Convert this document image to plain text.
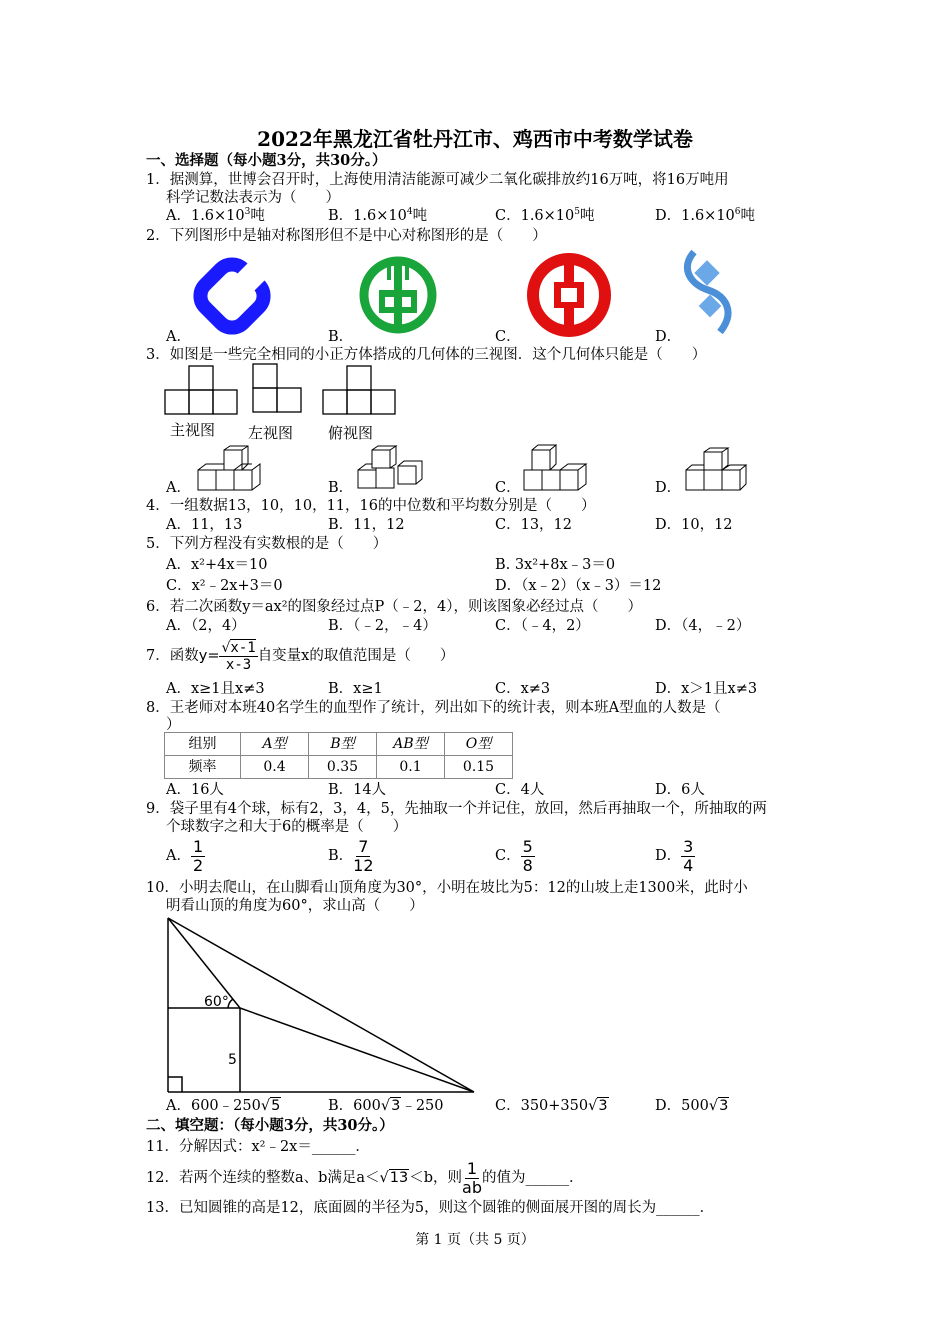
2022年黑龙江省牡丹江市、鸡西市中考数学试卷
一、选择题（每小题3分，共30分。）
1．据测算，世博会召开时，上海使用清洁能源可减少二氧化碳排放约16万吨，将16万吨用
科学记数法表示为（　　）
A．$1.6\times 10^3$吨	B．$1.6\times 10^4$吨	C．$1.6\times 10^5$吨	D．$1.6\times 10^6$吨
2．下列图形中是轴对称图形但不是中心对称图形的是（　　）
A．	B．	C．	D．
3．如图是一些完全相同的小正方体搭成的几何体的三视图．这个几何体只能是（　　）
主视图 左视图 俯视图
A．	B．	C．	D．
4．一组数据13，10，10，11，16的中位数和平均数分别是（　　）
A．11，13	B．11，12	C．13，12	D．10，12
5．下列方程没有实数根的是（　　）
A．x²+4x＝10	B. 3x²+8x﹣3＝0
C．x²﹣2x+3＝0	D．（x﹣2）（x﹣3）＝12
6．若二次函数y＝ax²的图象经过点P（﹣2，4），则该图象必经过点（　　）
A．（2，4）	B．（﹣2，﹣4）	C．（﹣4，2）	D．（4，﹣2）
7．函数$y= \frac{√x-1}{x-3}$ 自变量x的取值范围是（　　）
A．x≥1且x≠3	B．x≥1	C．x≠3	D．x＞1且x≠3
8．王老师对本班40名学生的血型作了统计，列出如下的统计表，则本班A型血的人数是（
）
组别	A型	B型	AB型	O型
频率	0.4	0.35	0.1	0.15
A．16人	B．14人	C．4人	D．6人
9．袋子里有4个球，标有2，3，4，5，先抽取一个并记住，放回，然后再抽取一个，所抽取的两
个球数字之和大于6的概率是（　　）
A． $\frac{1}{2}$	B． $\frac{7}{12}$	C． $\frac{5}{8}$	D． $\frac{3}{4}$
10．小明去爬山，在山脚看山顶角度为30°，小明在坡比为5：12的山坡上走1300米，此时小
明看山顶的角度为60°，求山高（　　）
60°
5
A．600﹣250√5	B．600√3﹣250	C．350+350√3	D．500√3
二、填空题：（每小题3分，共30分。）
11．分解因式：x²﹣2x＝______．
12．若两个连续的整数a、b满足a＜√13＜b，则 $\frac{1}{ab}$ 的值为______．
13．已知圆锥的高是12，底面圆的半径为5，则这个圆锥的侧面展开图的周长为______．
第 1 页（共 5 页）
